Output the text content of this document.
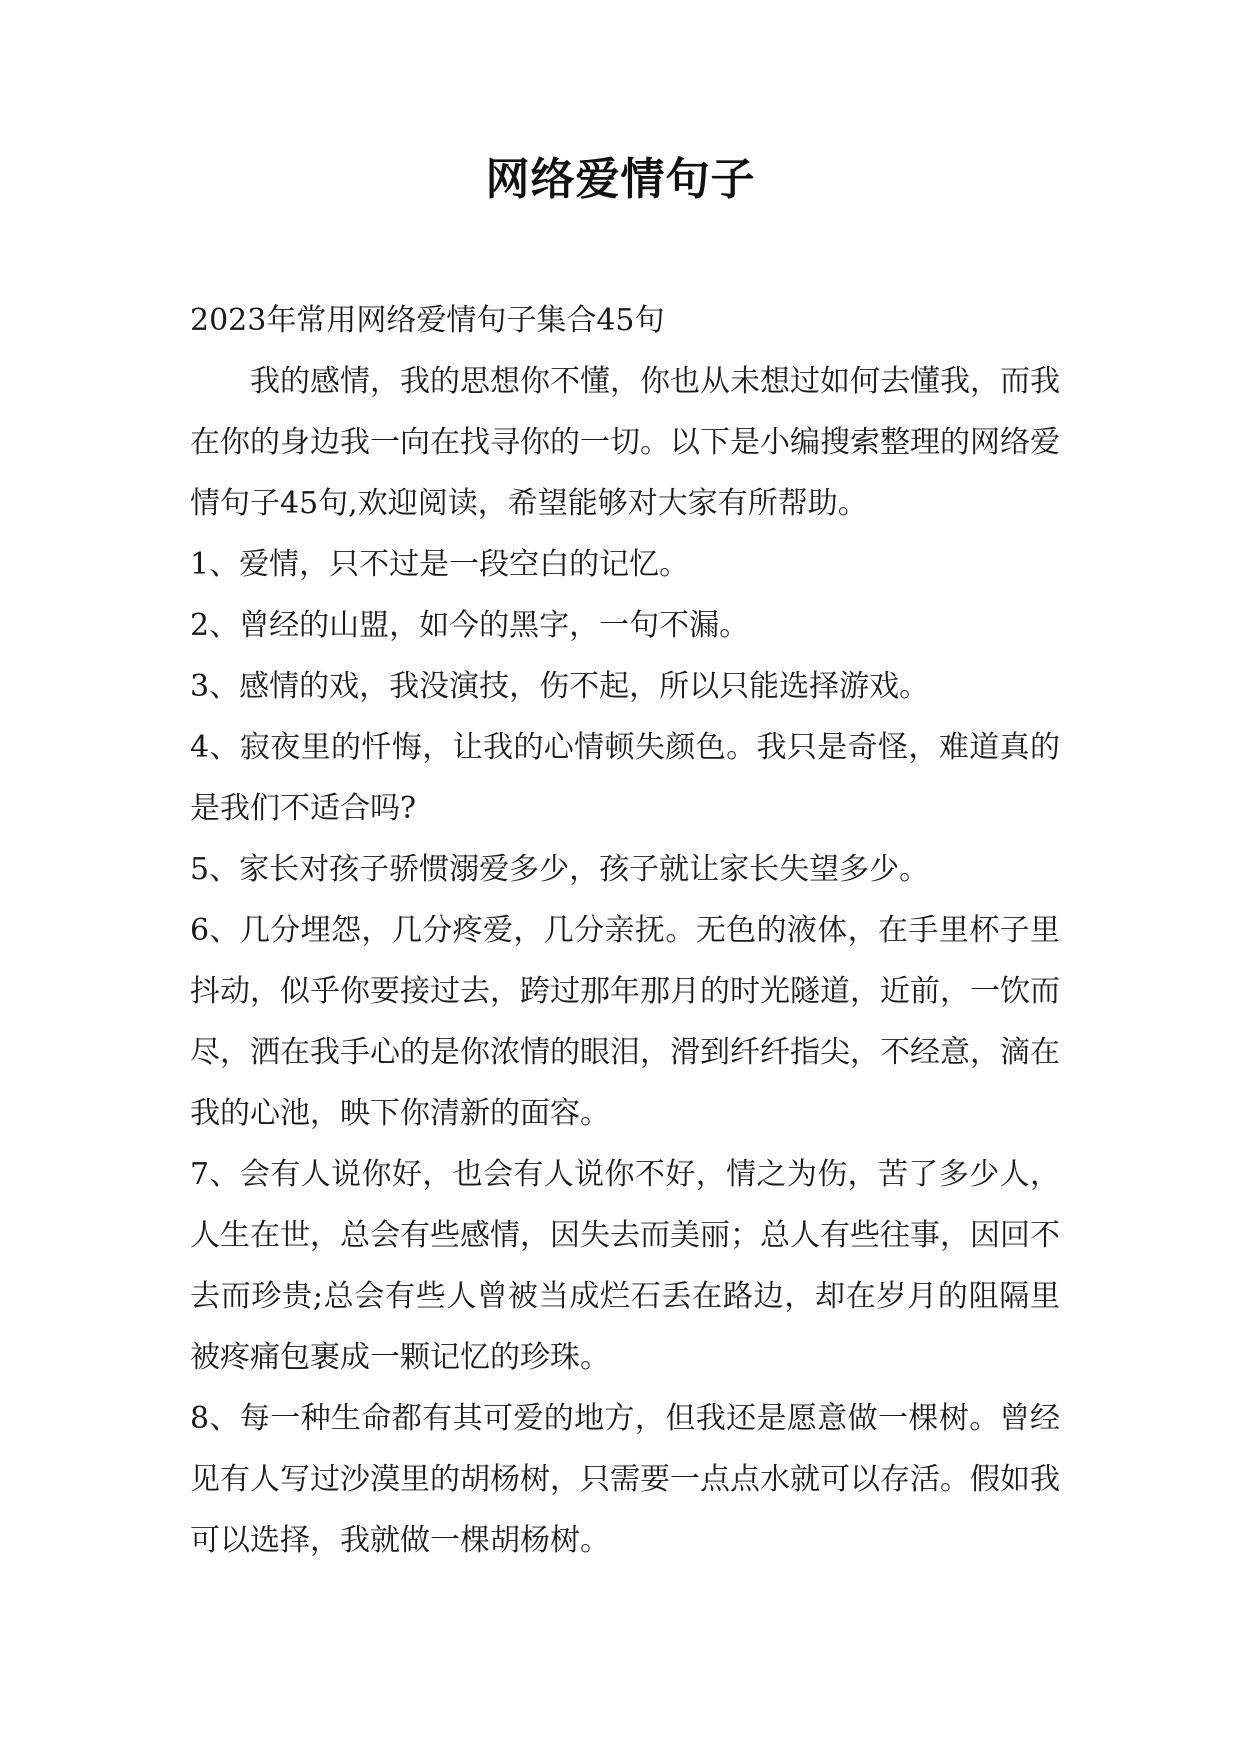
网络爱情句子

2023年常用网络爱情句子集合45句

我的感情，我的思想你不懂，你也从未想过如何去懂我，而我在你的身边我一向在找寻你的一切。以下是小编搜索整理的网络爱情句子45句,欢迎阅读，希望能够对大家有所帮助。

1、爱情，只不过是一段空白的记忆。

2、曾经的山盟，如今的黑字，一句不漏。

3、感情的戏，我没演技，伤不起，所以只能选择游戏。

4、寂夜里的忏悔，让我的心情顿失颜色。我只是奇怪，难道真的是我们不适合吗?

5、家长对孩子骄惯溺爱多少，孩子就让家长失望多少。

6、几分埋怨，几分疼爱，几分亲抚。无色的液体，在手里杯子里抖动，似乎你要接过去，跨过那年那月的时光隧道，近前，一饮而尽，洒在我手心的是你浓情的眼泪，滑到纤纤指尖，不经意，滴在我的心池，映下你清新的面容。

7、会有人说你好，也会有人说你不好，情之为伤，苦了多少人，人生在世，总会有些感情，因失去而美丽；总人有些往事，因回不去而珍贵;总会有些人曾被当成烂石丢在路边，却在岁月的阻隔里被疼痛包裹成一颗记忆的珍珠。

8、每一种生命都有其可爱的地方，但我还是愿意做一棵树。曾经见有人写过沙漠里的胡杨树，只需要一点点水就可以存活。假如我可以选择，我就做一棵胡杨树。
